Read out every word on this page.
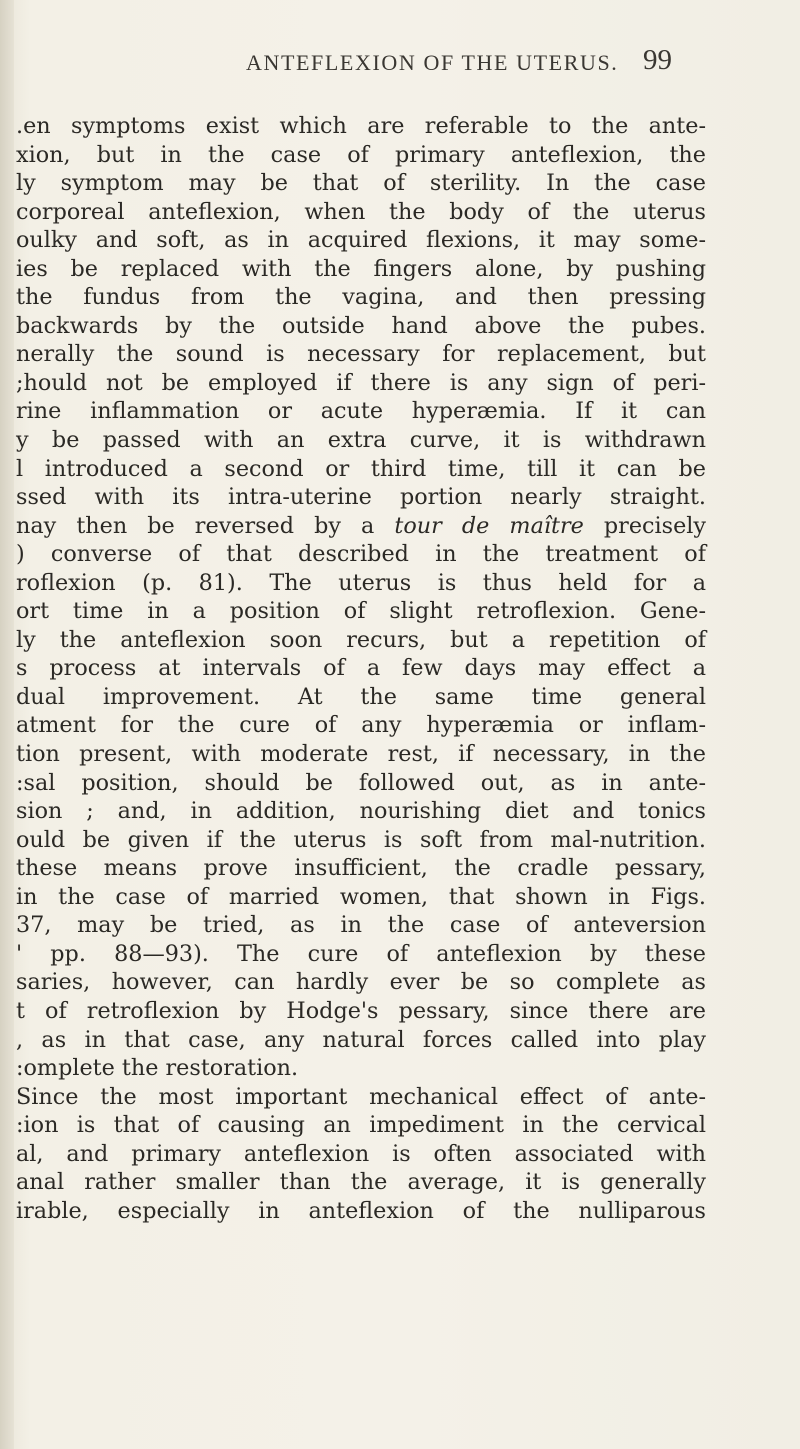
ANTEFLEXION OF THE UTERUS. 99
.en symptoms exist which are referable to the ante-
xion, but in the case of primary anteflexion, the
ly symptom may be that of sterility. In the case
corporeal anteflexion, when the body of the uterus
oulky and soft, as in acquired flexions, it may some-
ies be replaced with the fingers alone, by pushing
the fundus from the vagina, and then pressing
backwards by the outside hand above the pubes.
nerally the sound is necessary for replacement, but
;hould not be employed if there is any sign of peri-
rine inflammation or acute hyperæmia. If it can
y be passed with an extra curve, it is withdrawn
l introduced a second or third time, till it can be
ssed with its intra-uterine portion nearly straight.
nay then be reversed by a tour de maître precisely
) converse of that described in the treatment of
roflexion (p. 81). The uterus is thus held for a
ort time in a position of slight retroflexion. Gene-
ly the anteflexion soon recurs, but a repetition of
s process at intervals of a few days may effect a
dual improvement. At the same time general
atment for the cure of any hyperæmia or inflam-
tion present, with moderate rest, if necessary, in the
:sal position, should be followed out, as in ante-
sion ; and, in addition, nourishing diet and tonics
ould be given if the uterus is soft from mal-nutrition.
these means prove insufficient, the cradle pessary,
in the case of married women, that shown in Figs.
37, may be tried, as in the case of anteversion
' pp. 88—93). The cure of anteflexion by these
saries, however, can hardly ever be so complete as
t of retroflexion by Hodge's pessary, since there are
, as in that case, any natural forces called into play
:omplete the restoration.
Since the most important mechanical effect of ante-
:ion is that of causing an impediment in the cervical
al, and primary anteflexion is often associated with
anal rather smaller than the average, it is generally
irable, especially in anteflexion of the nulliparous
